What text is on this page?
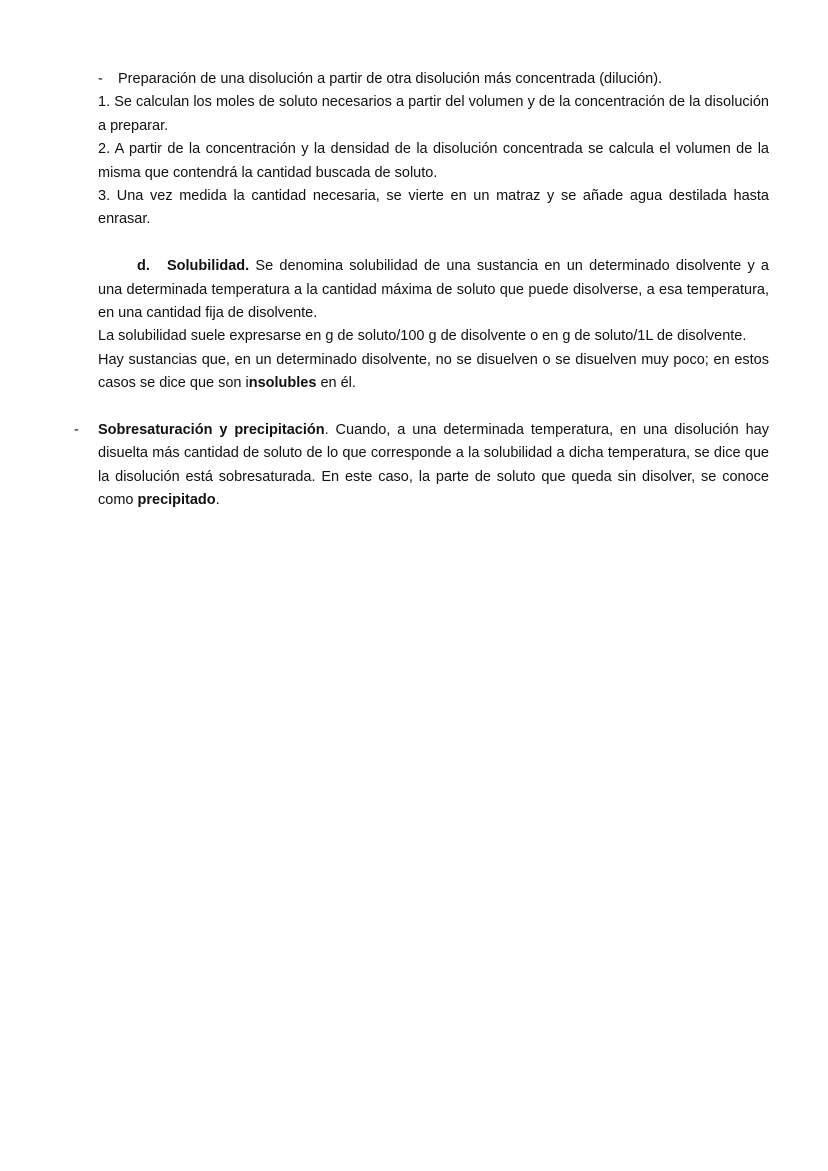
- Preparación de una disolución a partir de otra disolución más concentrada (dilución).

1. Se calculan los moles de soluto necesarios a partir del volumen y de la concentración de la disolución a preparar.

2. A partir de la concentración y la densidad de la disolución concentrada se calcula el volumen de la misma que contendrá la cantidad buscada de soluto.

3. Una vez medida la cantidad necesaria, se vierte en un matraz y se añade agua destilada hasta enrasar.

d. Solubilidad. Se denomina solubilidad de una sustancia en un determinado disolvente y a una determinada temperatura a la cantidad máxima de soluto que puede disolverse, a esa temperatura, en una cantidad fija de disolvente.

La solubilidad suele expresarse en g de soluto/100 g de disolvente o en g de soluto/1L de disolvente.

Hay sustancias que, en un determinado disolvente, no se disuelven o se disuelven muy poco; en estos casos se dice que son insolubles en él.

- Sobresaturación y precipitación. Cuando, a una determinada temperatura, en una disolución hay disuelta más cantidad de soluto de lo que corresponde a la solubilidad a dicha temperatura, se dice que la disolución está sobresaturada. En este caso, la parte de soluto que queda sin disolver, se conoce como precipitado.
